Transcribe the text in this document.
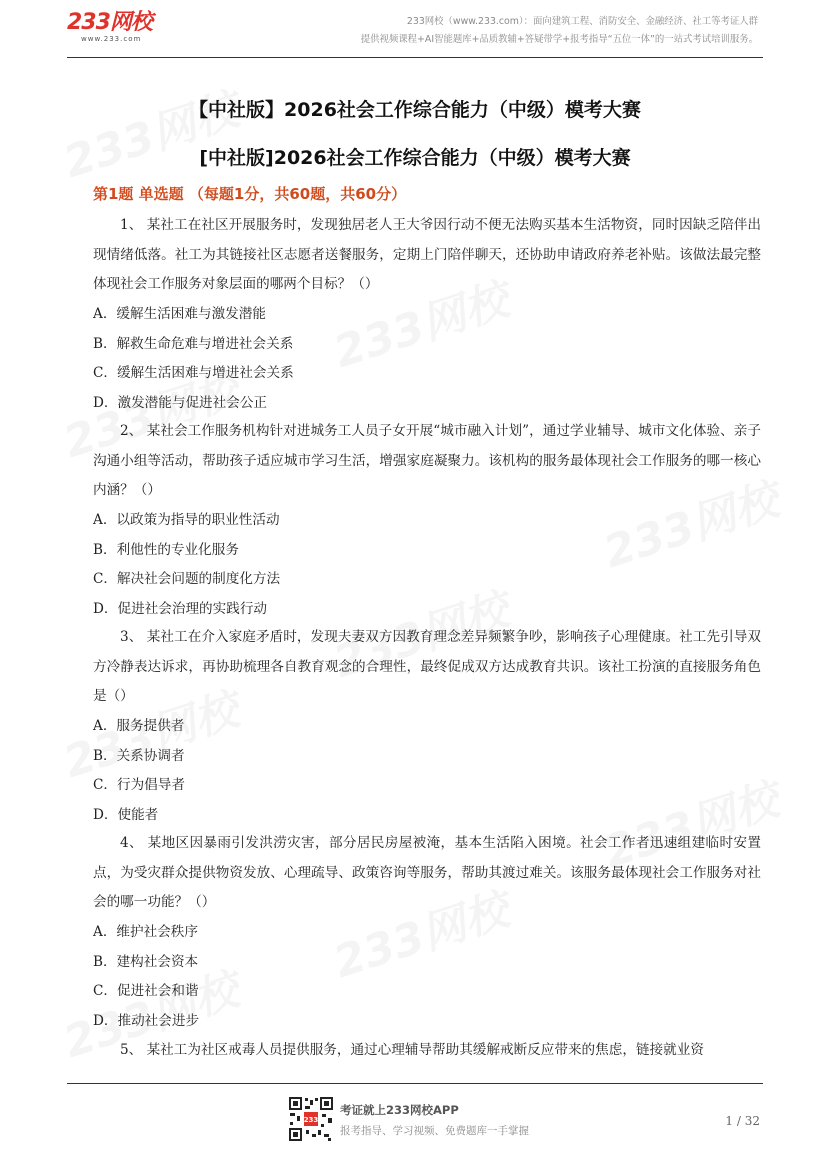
233网校
www.233.com
233网校（www.233.com）：面向建筑工程、消防安全、金融经济、社工等考证人群
提供视频课程+AI智能题库+品质教辅+答疑带学+报考指导“五位一体”的一站式考试培训服务。
【中社版】2026社会工作综合能力（中级）模考大赛
[中社版]2026社会工作综合能力（中级）模考大赛
第1题 单选题 （每题1分，共60题，共60分）
1、 某社工在社区开展服务时，发现独居老人王大爷因行动不便无法购买基本生活物资，同时因缺乏陪伴出现情绪低落。社工为其链接社区志愿者送餐服务，定期上门陪伴聊天，还协助申请政府养老补贴。该做法最完整体现社会工作服务对象层面的哪两个目标？（）
A．缓解生活困难与激发潜能
B．解救生命危难与增进社会关系
C．缓解生活困难与增进社会关系
D．激发潜能与促进社会公正
2、 某社会工作服务机构针对进城务工人员子女开展“城市融入计划”，通过学业辅导、城市文化体验、亲子沟通小组等活动，帮助孩子适应城市学习生活，增强家庭凝聚力。该机构的服务最体现社会工作服务的哪一核心内涵？（）
A．以政策为指导的职业性活动
B．利他性的专业化服务
C．解决社会问题的制度化方法
D．促进社会治理的实践行动
3、 某社工在介入家庭矛盾时，发现夫妻双方因教育理念差异频繁争吵，影响孩子心理健康。社工先引导双方冷静表达诉求，再协助梳理各自教育观念的合理性，最终促成双方达成教育共识。该社工扮演的直接服务角色是（）
A．服务提供者
B．关系协调者
C．行为倡导者
D．使能者
4、 某地区因暴雨引发洪涝灾害，部分居民房屋被淹，基本生活陷入困境。社会工作者迅速组建临时安置点，为受灾群众提供物资发放、心理疏导、政策咨询等服务，帮助其渡过难关。该服务最体现社会工作服务对社会的哪一功能？（）
A．维护社会秩序
B．建构社会资本
C．促进社会和谐
D．推动社会进步
5、 某社工为社区戒毒人员提供服务，通过心理辅导帮助其缓解戒断反应带来的焦虑，链接就业资
233
考证就上233网校APP
报考指导、学习视频、免费题库一手掌握
1 / 32
